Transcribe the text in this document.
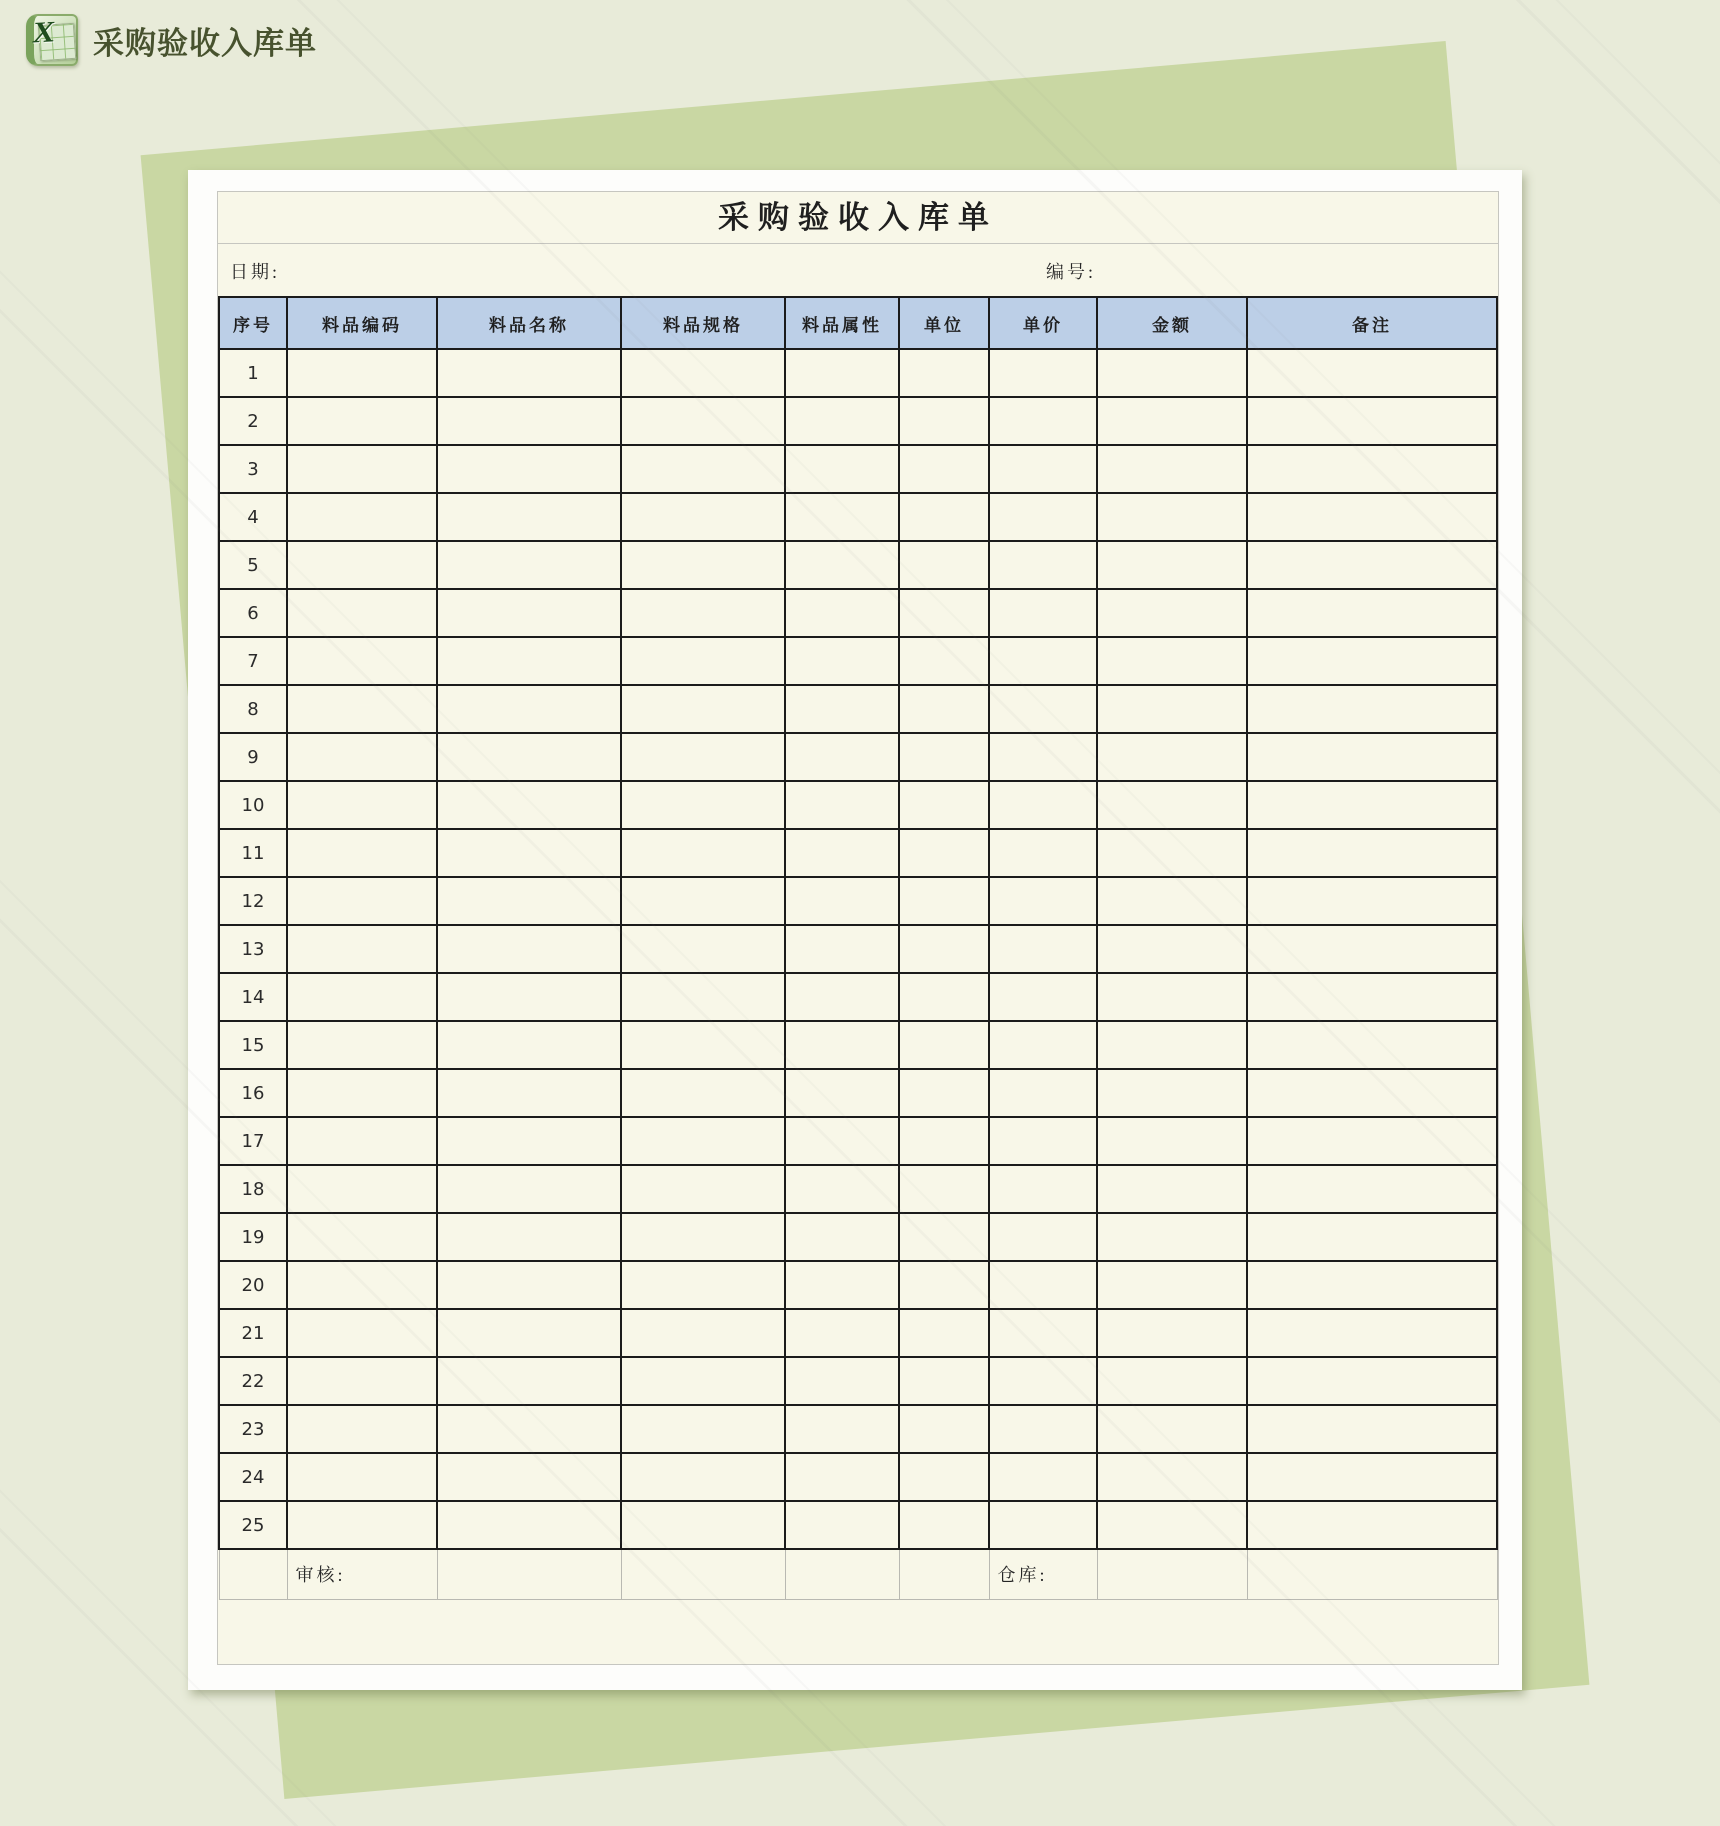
X 采购验收入库单
采购验收入库单
日期:	编号:
序号	料品编码	料品名称	料品规格	料品属性	单位	单价	金额	备注
1								
2								
3								
4								
5								
6								
7								
8								
9								
10								
11								
12								
13								
14								
15								
16								
17								
18								
19								
20								
21								
22								
23								
24								
25								
	审核:					仓库:		
